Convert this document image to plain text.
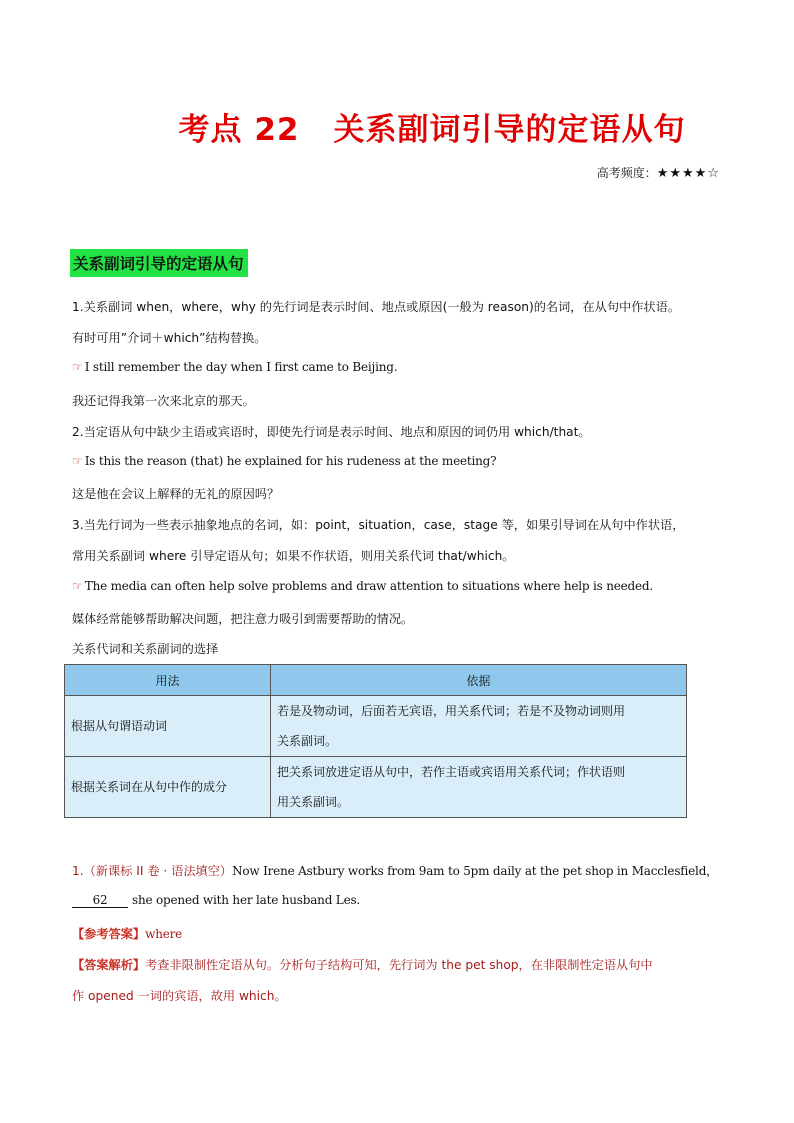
考点 22 关系副词引导的定语从句
高考频度：★★★★☆
关系副词引导的定语从句
1.关系副词 when，where，why 的先行词是表示时间、地点或原因(一般为 reason)的名词，在从句中作状语。
有时可用”介词＋which”结构替换。
☞ I still remember the day when I first came to Beijing.
我还记得我第一次来北京的那天。
2.当定语从句中缺少主语或宾语时，即使先行词是表示时间、地点和原因的词仍用 which/that。
☞ Is this the reason (that) he explained for his rudeness at the meeting?
这是他在会议上解释的无礼的原因吗？
3.当先行词为一些表示抽象地点的名词，如：point，situation，case，stage 等，如果引导词在从句中作状语，
常用关系副词 where 引导定语从句；如果不作状语，则用关系代词 that/which。
☞ The media can often help solve problems and draw attention to situations where help is needed.
媒体经常能够帮助解决问题，把注意力吸引到需要帮助的情况。
关系代词和关系副词的选择
用法	依据
根据从句谓语动词	若是及物动词，后面若无宾语，用关系代词；若是不及物动词则用
关系副词。

根据关系词在从句中作的成分	把关系词放进定语从句中，若作主语或宾语用关系代词；作状语则
用关系副词。
1.（新课标 II 卷 · 语法填空）Now Irene Astbury works from 9am to 5pm daily at the pet shop in Macclesfield，
62 she opened with her late husband Les.
【参考答案】where
【答案解析】考查非限制性定语从句。分析句子结构可知，先行词为 the pet shop，在非限制性定语从句中
作 opened 一词的宾语，故用 which。
